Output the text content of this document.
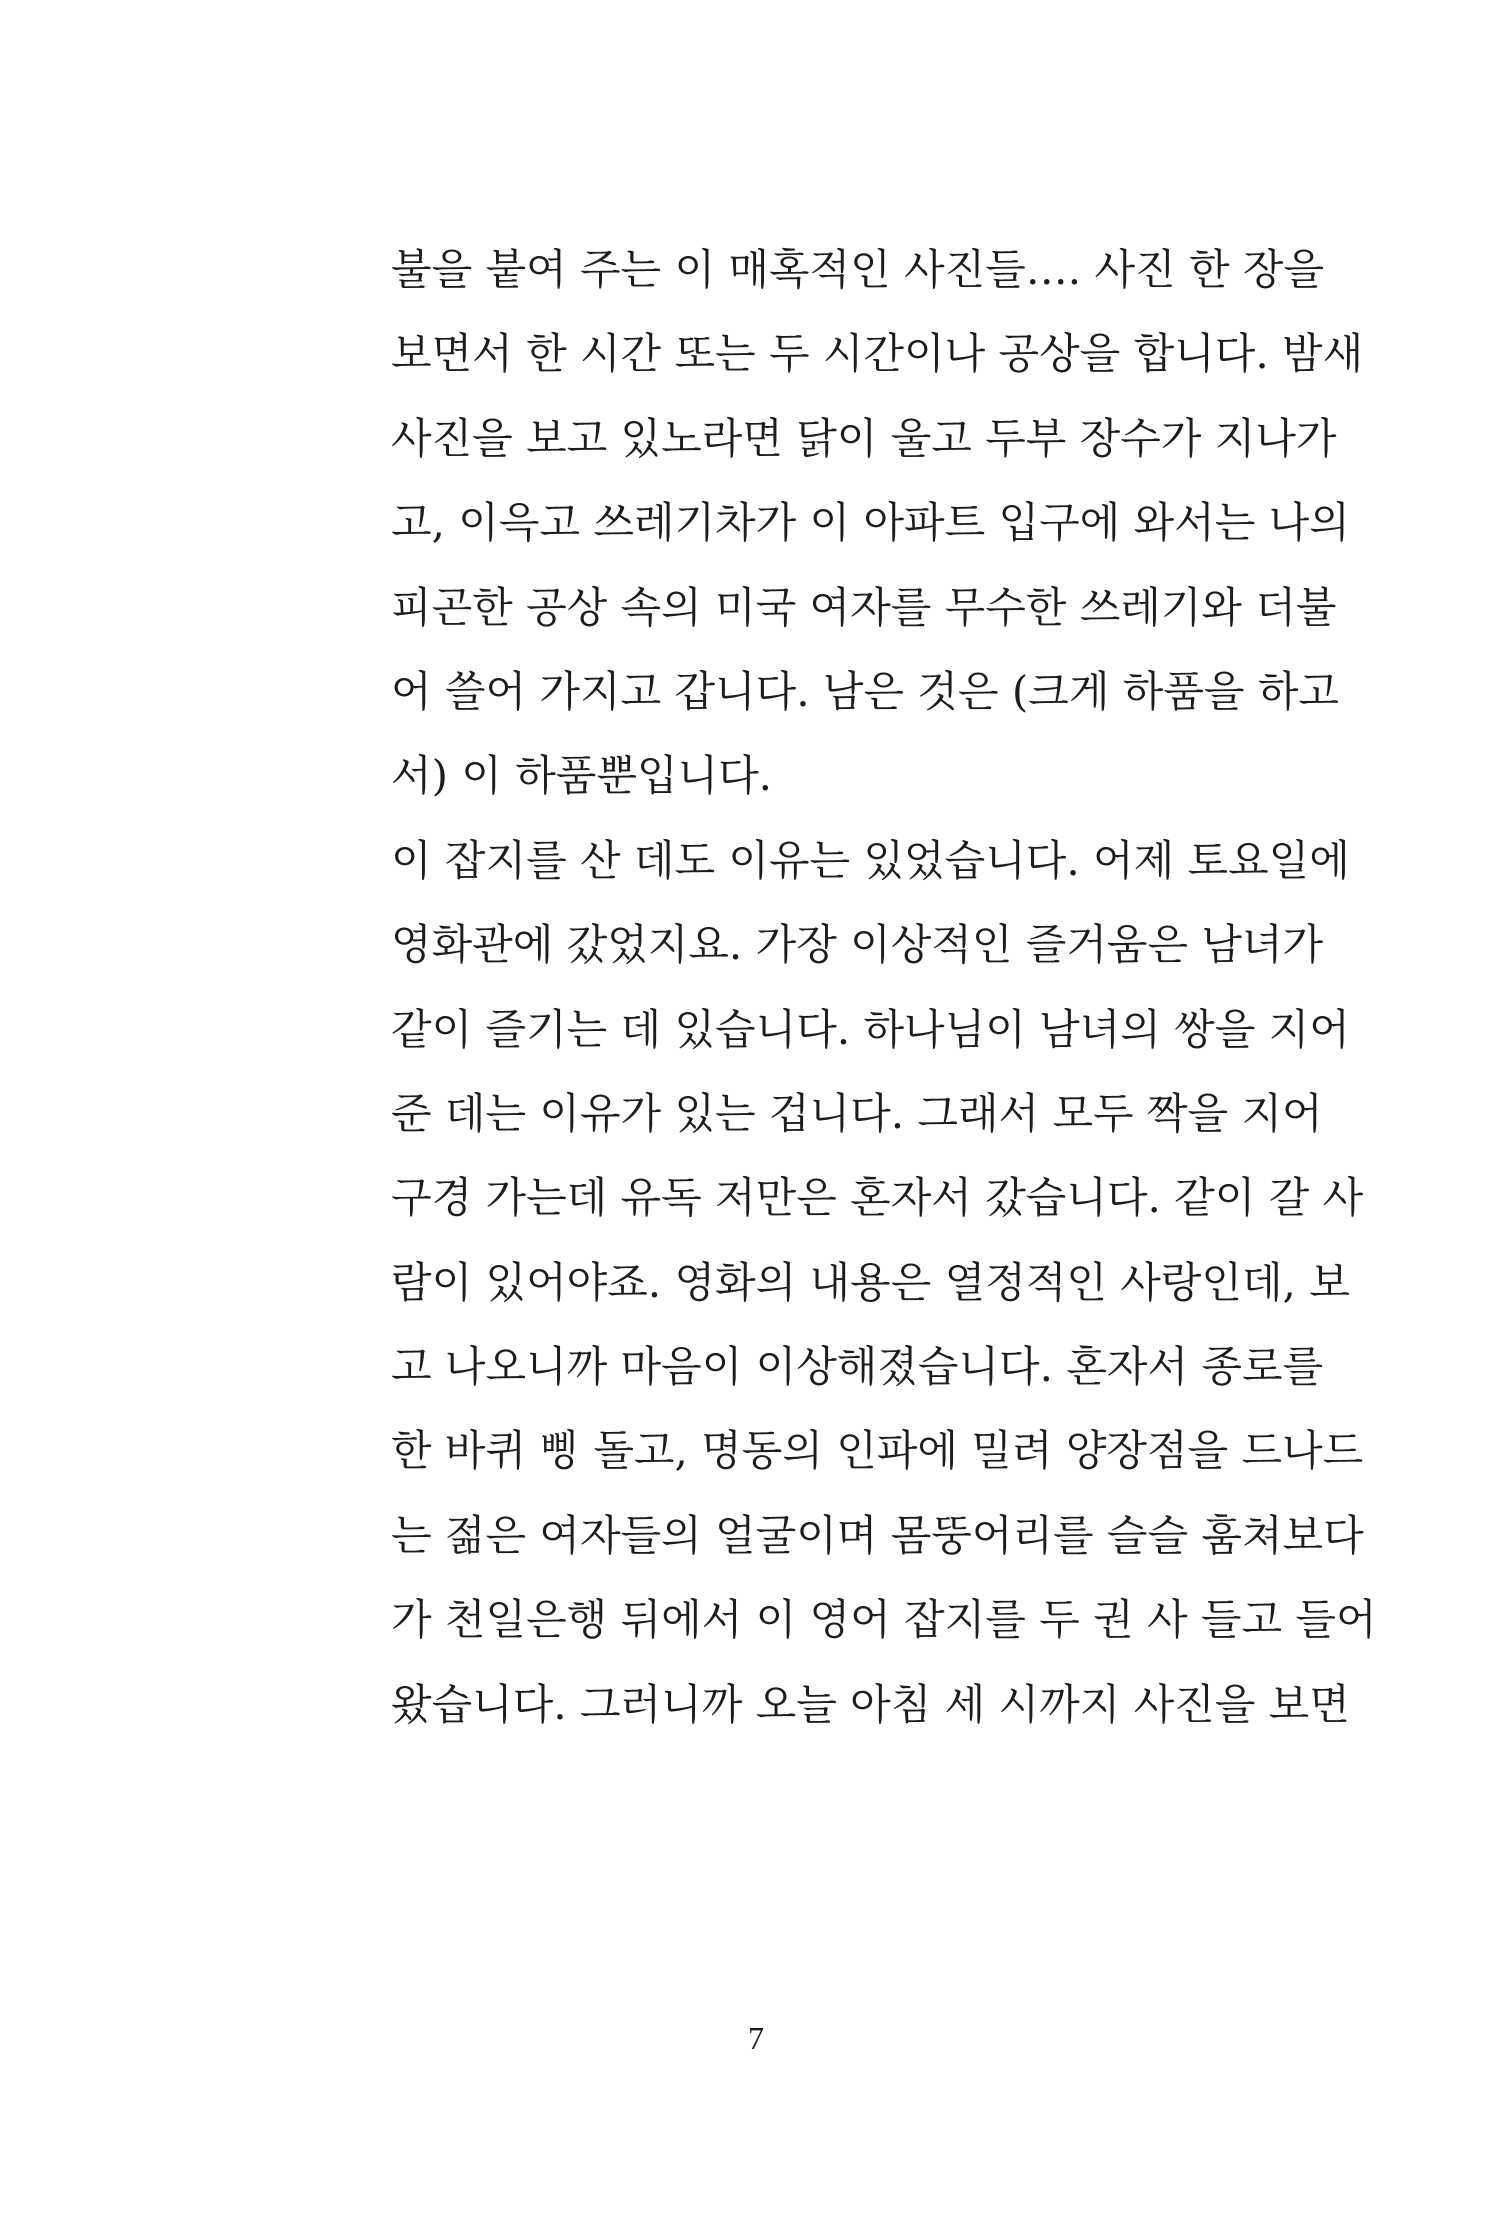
불을 붙여 주는 이 매혹적인 사진들…. 사진 한 장을
보면서 한 시간 또는 두 시간이나 공상을 합니다. 밤새
사진을 보고 있노라면 닭이 울고 두부 장수가 지나가
고, 이윽고 쓰레기차가 이 아파트 입구에 와서는 나의
피곤한 공상 속의 미국 여자를 무수한 쓰레기와 더불
어 쓸어 가지고 갑니다. 남은 것은 (크게 하품을 하고
서) 이 하품뿐입니다.
이 잡지를 산 데도 이유는 있었습니다. 어제 토요일에
영화관에 갔었지요. 가장 이상적인 즐거움은 남녀가
같이 즐기는 데 있습니다. 하나님이 남녀의 쌍을 지어
준 데는 이유가 있는 겁니다. 그래서 모두 짝을 지어
구경 가는데 유독 저만은 혼자서 갔습니다. 같이 갈 사
람이 있어야죠. 영화의 내용은 열정적인 사랑인데, 보
고 나오니까 마음이 이상해졌습니다. 혼자서 종로를
한 바퀴 삥 돌고, 명동의 인파에 밀려 양장점을 드나드
는 젊은 여자들의 얼굴이며 몸뚱어리를 슬슬 훔쳐보다
가 천일은행 뒤에서 이 영어 잡지를 두 권 사 들고 들어
왔습니다. 그러니까 오늘 아침 세 시까지 사진을 보면
7
